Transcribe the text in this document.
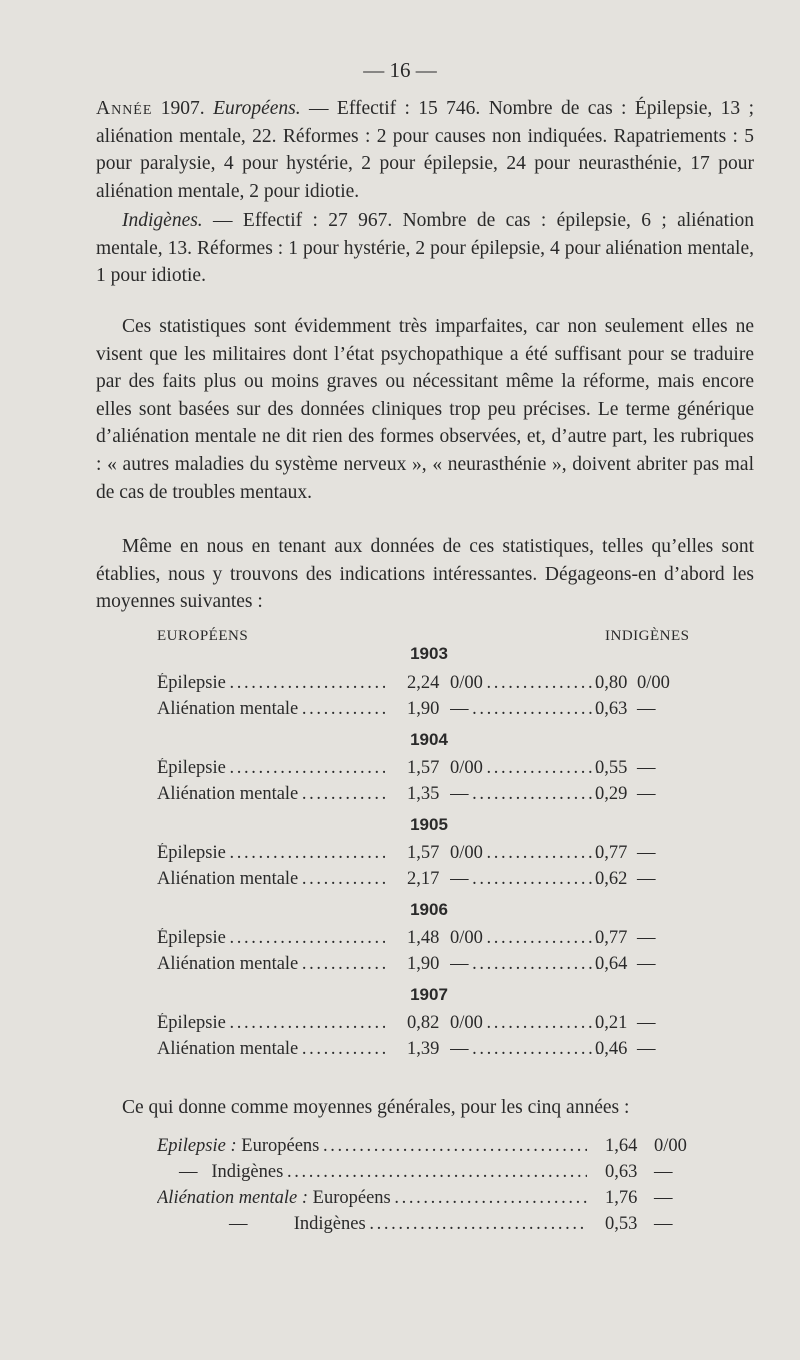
— 16 —

Année 1907. Européens. — Effectif : 15 746. Nombre de cas : Épilepsie, 13 ; aliénation mentale, 22. Réformes : 2 pour causes non indiquées. Rapatriements : 5 pour paralysie, 4 pour hystérie, 2 pour épilepsie, 24 pour neurasthénie, 17 pour aliénation mentale, 2 pour idiotie.

Indigènes. — Effectif : 27 967. Nombre de cas : épilepsie, 6 ; aliénation mentale, 13. Réformes : 1 pour hystérie, 2 pour épilepsie, 4 pour aliénation mentale, 1 pour idiotie.

Ces statistiques sont évidemment très imparfaites, car non seulement elles ne visent que les militaires dont l’état psychopathique a été suffisant pour se traduire par des faits plus ou moins graves ou nécessitant même la réforme, mais encore elles sont basées sur des données cliniques trop peu précises. Le terme générique d’aliénation mentale ne dit rien des formes observées, et, d’autre part, les rubriques : « autres maladies du système nerveux », « neurasthénie », doivent abriter pas mal de cas de troubles mentaux.

Même en nous en tenant aux données de ces statistiques, telles qu’elles sont établies, nous y trouvons des indications intéressantes. Dégageons-en d’abord les moyennes suivantes :

EUROPÉENS	INDIGÈNES
1903
Épilepsie . . .	2,24 0/00 . . .	0,80 0/00
Aliénation mentale . . .	1,90 — . . .	0,63 —
1904
Épilepsie . . .	1,57 0/00 . . .	0,55 —
Aliénation mentale . . .	1,35 — . . .	0,29 —
1905
Épilepsie . . .	1,57 0/00 . . .	0,77 —
Aliénation mentale . . .	2,17 — . . .	0,62 —
1906
Épilepsie . . .	1,48 0/00 . . .	0,77 —
Aliénation mentale . . .	1,90 — . . .	0,64 —
1907
Épilepsie . . .	0,82 0/00 . . .	0,21 —
Aliénation mentale . . .	1,39 — . . .	0,46 —

Ce qui donne comme moyennes générales, pour les cinq années :

Epilepsie : Européens . . .	1,64 0/00
— Indigènes . . .	0,63 —
Aliénation mentale : Européens . . .	1,76 —
—	Indigènes . . .	0,53 —
